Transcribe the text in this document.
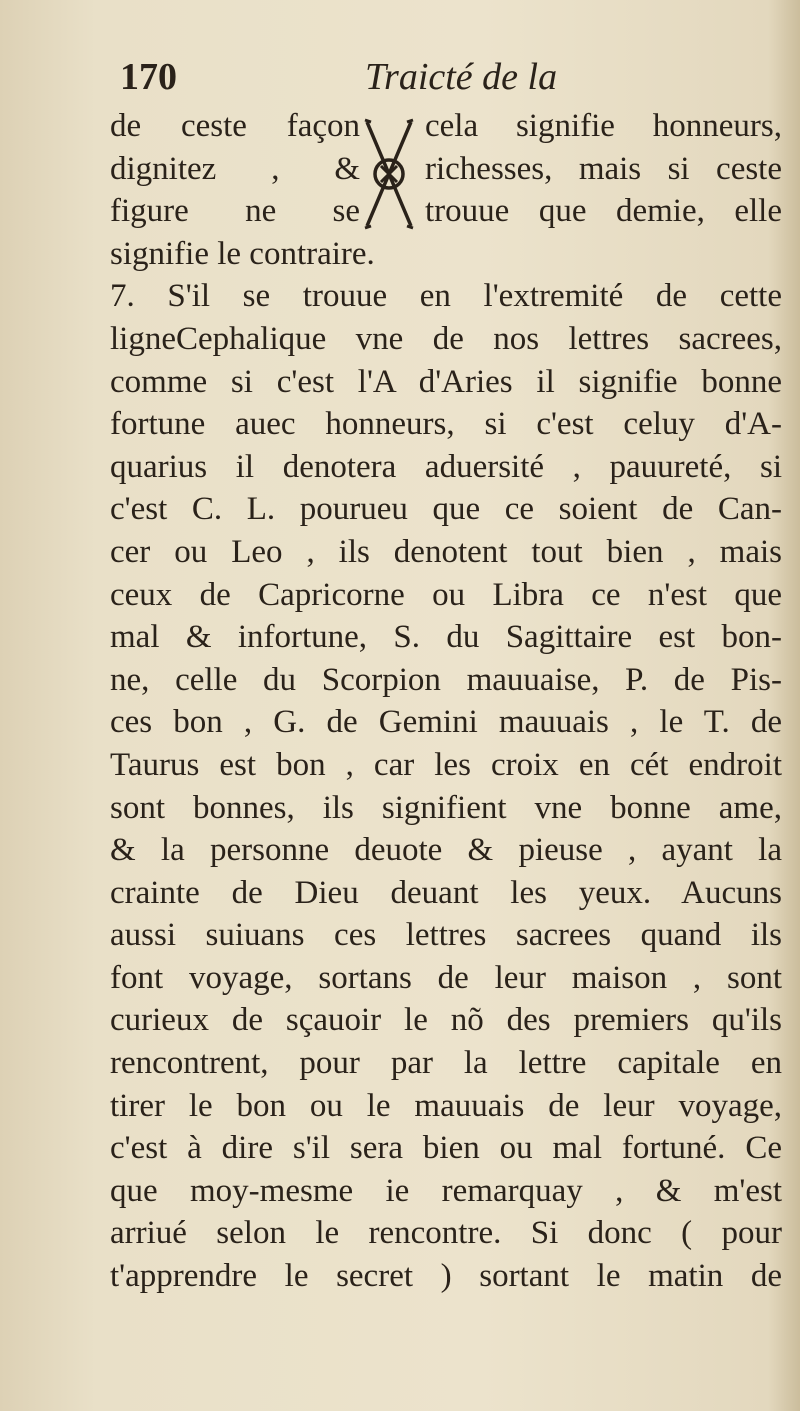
170	Traicté de la
de ceste façon cela signifie honneurs,
dignitez , & richesses, mais si ceste
figure ne se trouue que demie, elle
signifie le contraire.
7. S'il se trouue en l'extremité de cette
ligneCephalique vne de nos lettres sacrees,
comme si c'est l'A d'Aries il signifie bonne
fortune auec honneurs, si c'est celuy d'A-
quarius il denotera aduersité , pauureté, si
c'est C. L. pourueu que ce soient de Can-
cer ou Leo , ils denotent tout bien , mais
ceux de Capricorne ou Libra ce n'est que
mal & infortune, S. du Sagittaire est bon-
ne, celle du Scorpion mauuaise, P. de Pis-
ces bon , G. de Gemini mauuais , le T. de
Taurus est bon , car les croix en cét endroit
sont bonnes, ils signifient vne bonne ame,
& la personne deuote & pieuse , ayant la
crainte de Dieu deuant les yeux. Aucuns
aussi suiuans ces lettres sacrees quand ils
font voyage, sortans de leur maison , sont
curieux de sçauoir le nõ des premiers qu'ils
rencontrent, pour par la lettre capitale en
tirer le bon ou le mauuais de leur voyage,
c'est à dire s'il sera bien ou mal fortuné. Ce
que moy-mesme ie remarquay , & m'est
arriué selon le rencontre. Si donc ( pour
t'apprendre le secret ) sortant le matin de
